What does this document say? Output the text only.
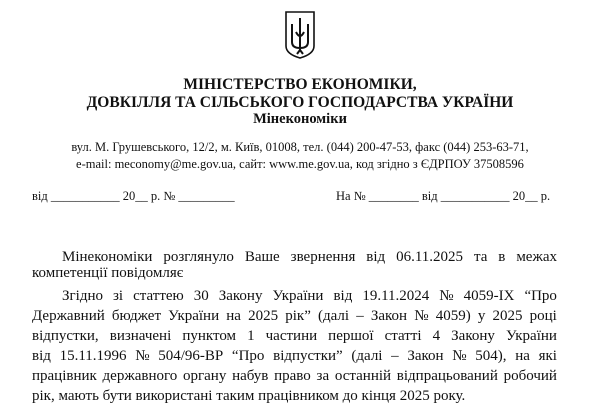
МІНІСТЕРСТВО ЕКОНОМІКИ,
ДОВКІЛЛЯ ТА СІЛЬСЬКОГО ГОСПОДАРСТВА УКРАЇНИ
Мінекономіки
вул. М. Грушевського, 12/2, м. Київ, 01008, тел. (044) 200-47-53, факс (044) 253-63-71,
e-mail: meconomy@me.gov.ua, сайт: www.me.gov.ua, код згідно з ЄДРПОУ 37508596
від ___________ 20__ р. № _________	На № ________ від ___________ 20__ р.
Мінекономіки розглянуло Ваше звернення від 06.11.2025 та в межах
компетенції повідомляє
Згідно зі статтею 30 Закону України від 19.11.2024 № 4059-IX “Про
Державний бюджет України на 2025 рік” (далі – Закон № 4059) у 2025 році
відпустки, визначені пунктом 1 частини першої статті 4 Закону України
від 15.11.1996 № 504/96-ВР “Про відпустки” (далі – Закон № 504), на які
працівник державного органу набув право за останній відпрацьований робочий
рік, мають бути використані таким працівником до кінця 2025 року.
